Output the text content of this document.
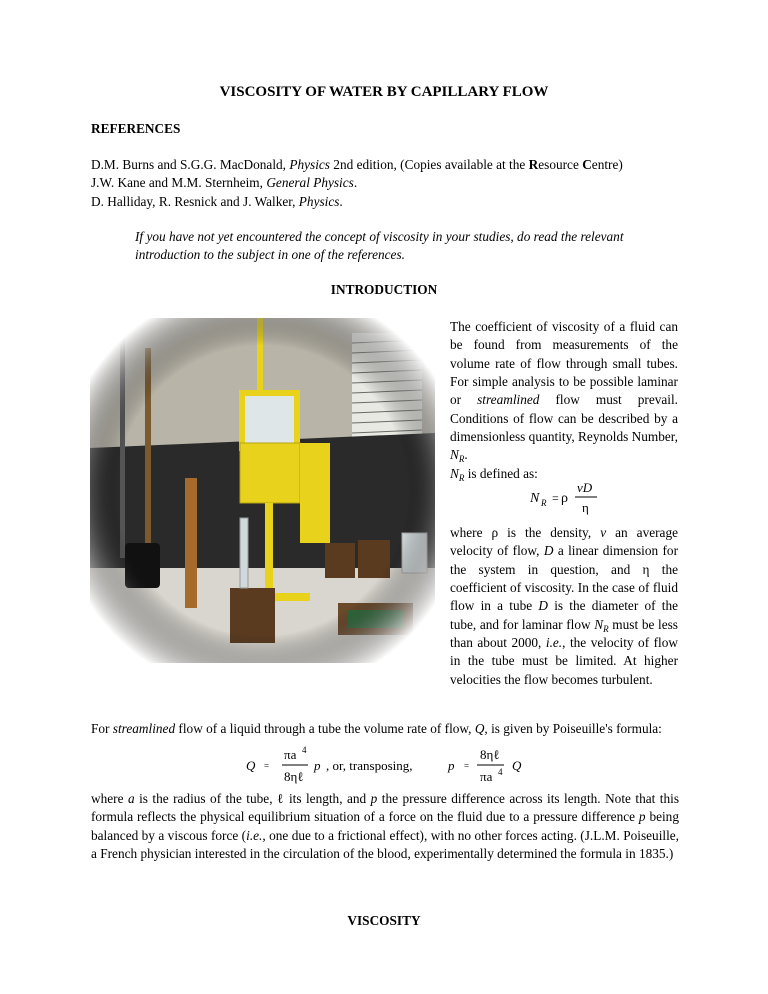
VISCOSITY OF WATER BY CAPILLARY FLOW
REFERENCES
D.M. Burns and S.G.G. MacDonald, Physics 2nd edition, (Copies available at the Resource Centre)
J.W. Kane and M.M. Sternheim, General Physics.
D. Halliday, R. Resnick and J. Walker, Physics.
If you have not yet encountered the concept of viscosity in your studies, do read the relevant introduction to the subject in one of the references.
INTRODUCTION

The coefficient of viscosity of a fluid can be found from measurements of the volume rate of flow through small tubes. For simple analysis to be possible laminar or streamlined flow must prevail. Conditions of flow can be described by a dimensionless quantity, Reynolds Number, $N_R$.

$N_R$ is defined as:

N R = ρ
vD
η
where ρ is the density, v an average velocity of flow, D a linear dimension for the system in question, and η the coefficient of viscosity. In the case of fluid flow in a tube D is the diameter of the tube, and for laminar flow $N_R$ must be less than about 2000, i.e., the velocity of flow in the tube must be limited. At higher velocities the flow becomes turbulent.
For streamlined flow of a liquid through a tube the volume rate of flow, Q, is given by Poiseuille's formula:
Q =
πa 4
8ηℓ
p , or, transposing,	p =
8ηℓ
πa 4 Q
where a is the radius of the tube, ℓ its length, and p the pressure difference across its length. Note that this formula reflects the physical equilibrium situation of a force on the fluid due to a pressure difference p being balanced by a viscous force (i.e., one due to a frictional effect), with no other forces acting. (J.L.M. Poiseuille, a French physician interested in the circulation of the blood, experimentally determined the formula in 1835.)
VISCOSITY
